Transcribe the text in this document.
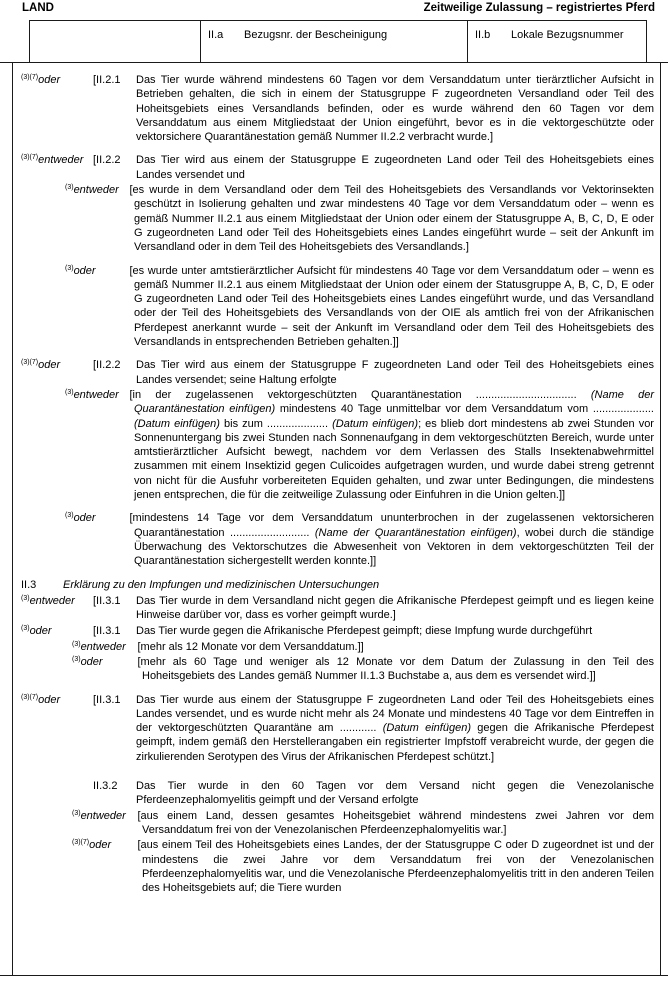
LAND	Zeitweilige Zulassung – registriertes Pferd
II.a Bezugsnr. der Bescheinigung	II.b Lokale Bezugsnummer
$^{(3)(7)}$oder	[II.2.1	Das Tier wurde während mindestens 60 Tagen vor dem Versanddatum unter tierärztlicher Aufsicht in Betrieben gehalten, die sich in einem der Statusgruppe F zugeordneten Versandland oder Teil des Hoheitsgebiets eines Versandlands befinden, oder es wurde während den 60 Tagen vor dem Versanddatum aus einem Mitgliedstaat der Union eingeführt, bevor es in die vektorgeschützte oder vektorsichere Quarantänestation gemäß Nummer II.2.2 verbracht wurde.]
$^{(3)(7)}$entweder [II.2.2	Das Tier wird aus einem der Statusgruppe E zugeordneten Land oder Teil des Hoheitsgebiets eines Landes versendet und
$^{(3)}$entweder [es wurde in dem Versandland oder dem Teil des Hoheitsgebiets des Versandlands vor Vektorinsekten geschützt in Isolierung gehalten und zwar mindestens 40 Tage vor dem Versanddatum oder – wenn es gemäß Nummer II.2.1 aus einem Mitgliedstaat der Union oder einem der Statusgruppe A, B, C, D, E oder G zugeordneten Land oder Teil des Hoheitsgebiets eines Landes eingeführt wurde – seit der Ankunft im Versandland oder in dem Teil des Hoheitsgebiets des Versandlands.]
$^{(3)}$oder	[es wurde unter amtstierärztlicher Aufsicht für mindestens 40 Tage vor dem Versanddatum oder – wenn es gemäß Nummer II.2.1 aus einem Mitgliedstaat der Union oder einem der Statusgruppe A, B, C, D, E oder G zugeordneten Land oder Teil des Hoheitsgebiets eines Landes eingeführt wurde, und das Versandland oder der Teil des Hoheitsgebiets des Versandlands von der OIE als amtlich frei von der Afrikanischen Pferdepest anerkannt wurde – seit der Ankunft im Versandland oder dem Teil des Hoheitsgebiets des Versandlands in entsprechenden Betrieben gehalten.]]
$^{(3)(7)}$oder	[II.2.2	Das Tier wird aus einem der Statusgruppe F zugeordneten Land oder Teil des Hoheitsgebiets eines Landes versendet; seine Haltung erfolgte
$^{(3)}$entweder [in der zugelassenen vektorgeschützten Quarantänestation ................................. (Name der Quarantänestation einfügen) mindestens 40 Tage unmittelbar vor dem Versanddatum vom .................... (Datum einfügen) bis zum .................... (Datum einfügen); es blieb dort mindestens ab zwei Stunden vor Sonnenuntergang bis zwei Stunden nach Sonnenaufgang in dem vektorgeschützten Bereich, wurde unter amtstierärztlicher Aufsicht bewegt, nachdem vor dem Verlassen des Stalls Insektenabwehrmittel zusammen mit einem Insektizid gegen Culicoides aufgetragen wurden, und wurde dabei streng getrennt von nicht für die Ausfuhr vorbereiteten Equiden gehalten, und zwar unter Bedingungen, die mindestens jenen entsprechen, die für die zeitweilige Zulassung oder Einfuhren in die Union gelten.]]
$^{(3)}$oder	[mindestens 14 Tage vor dem Versanddatum ununterbrochen in der zugelassenen vektorsicheren Quarantänestation .......................... (Name der Quarantänestation einfügen), wobei durch die ständige Überwachung des Vektorschutzes die Abwesenheit von Vektoren in dem vektorgeschützten Teil der Quarantänestation sichergestellt werden konnte.]]
II.3	Erklärung zu den Impfungen und medizinischen Untersuchungen
$^{(3)}$entweder	[II.3.1	Das Tier wurde in dem Versandland nicht gegen die Afrikanische Pferdepest geimpft und es liegen keine Hinweise darüber vor, dass es vorher geimpft wurde.]
$^{(3)}$oder	[II.3.1	Das Tier wurde gegen die Afrikanische Pferdepest geimpft; diese Impfung wurde durchgeführt
$^{(3)}$entweder	[mehr als 12 Monate vor dem Versanddatum.]]
$^{(3)}$oder	[mehr als 60 Tage und weniger als 12 Monate vor dem Datum der Zulassung in den Teil des Hoheitsgebiets des Landes gemäß Nummer II.1.3 Buchstabe a, aus dem es versendet wird.]]
$^{(3)(7)}$oder	[II.3.1	Das Tier wurde aus einem der Statusgruppe F zugeordneten Land oder Teil des Hoheitsgebiets eines Landes versendet, und es wurde nicht mehr als 24 Monate und mindestens 40 Tage vor dem Eintreffen in der vektorgeschützten Quarantäne am ............ (Datum einfügen) gegen die Afrikanische Pferdepest geimpft, indem gemäß den Herstellerangaben ein registrierter Impfstoff verabreicht wurde, der gegen die zirkulierenden Serotypen des Virus der Afrikanischen Pferdepest schützt.]
II.3.2	Das Tier wurde in den 60 Tagen vor dem Versand nicht gegen die Venezolanische Pferdeenzephalomyelitis geimpft und der Versand erfolgte
$^{(3)}$entweder	[aus einem Land, dessen gesamtes Hoheitsgebiet während mindestens zwei Jahren vor dem Versanddatum frei von der Venezolanischen Pferdeenzephalomyelitis war.]
$^{(3)(7)}$oder	[aus einem Teil des Hoheitsgebiets eines Landes, der der Statusgruppe C oder D zugeordnet ist und der mindestens die zwei Jahre vor dem Versanddatum frei von der Venezolanischen Pferdeenzephalomyelitis war, und die Venezolanische Pferdeenzephalomyelitis tritt in den anderen Teilen des Hoheitsgebiets auf; die Tiere wurden
